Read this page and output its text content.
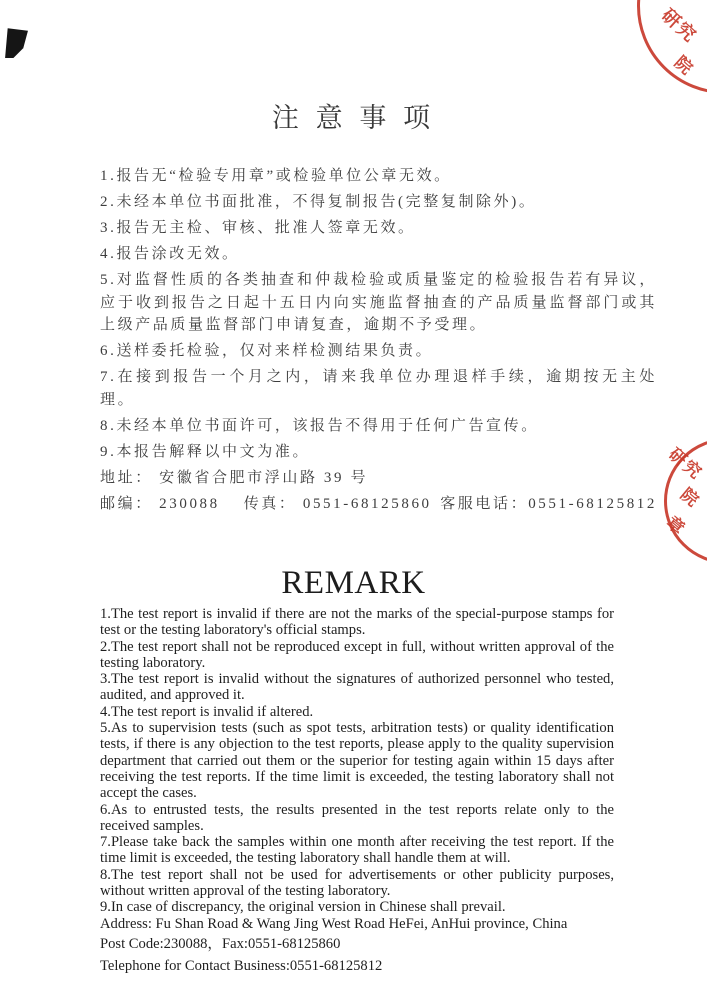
研究
院
研究
院
章
注 意 事 项

1.报告无“检验专用章”或检验单位公章无效。

2.未经本单位书面批准，不得复制报告(完整复制除外)。

3.报告无主检、审核、批准人签章无效。

4.报告涂改无效。

5.对监督性质的各类抽查和仲裁检验或质量鉴定的检验报告若有异议，应于收到报告之日起十五日内向实施监督抽查的产品质量监督部门或其上级产品质量监督部门申请复查，逾期不予受理。

6.送样委托检验，仅对来样检测结果负责。

7.在接到报告一个月之内，请来我单位办理退样手续，逾期按无主处理。

8.未经本单位书面许可，该报告不得用于任何广告宣传。

9.本报告解释以中文为准。

地址： 安徽省合肥市浮山路 39 号

邮编： 230088　 传真： 0551-68125860 客服电话：0551-68125812
REMARK

1.The test report is invalid if there are not the marks of the special-purpose stamps for test or the testing laboratory's official stamps.

2.The test report shall not be reproduced except in full, without written approval of the testing laboratory.

3.The test report is invalid without the signatures of authorized personnel who tested, audited, and approved it.

4.The test report is invalid if altered.

5.As to supervision tests (such as spot tests, arbitration tests) or quality identification tests, if there is any objection to the test reports, please apply to the quality supervision department that carried out them or the superior for testing again within 15 days after receiving the test reports. If the time limit is exceeded, the testing laboratory shall not accept the cases.

6.As to entrusted tests, the results presented in the test reports relate only to the received samples.

7.Please take back the samples within one month after receiving the test report. If the time limit is exceeded, the testing laboratory shall handle them at will.

8.The test report shall not be used for advertisements or other publicity purposes, without written approval of the testing laboratory.

9.In case of discrepancy, the original version in Chinese shall prevail.

Address: Fu Shan Road & Wang Jing West Road HeFei, AnHui province, China

Post Code:230088，Fax:0551-68125860

Telephone for Contact Business:0551-68125812
